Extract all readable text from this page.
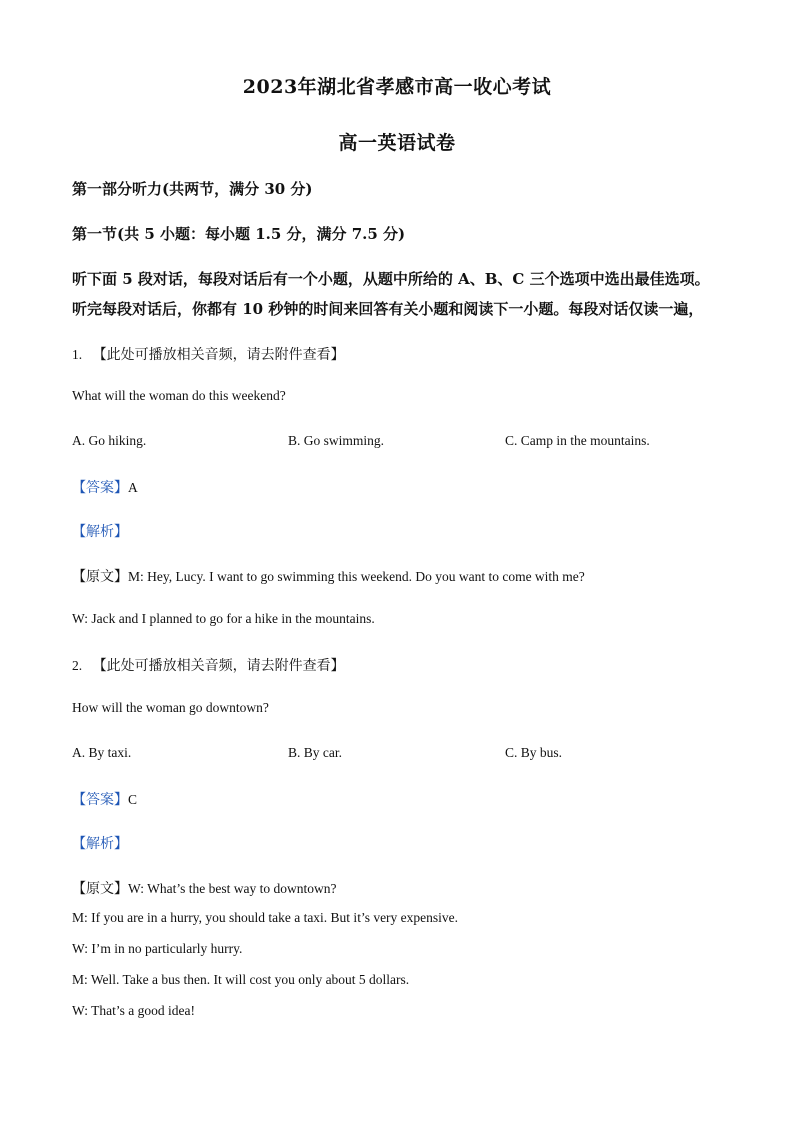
2023年湖北省孝感市高一收心考试
高一英语试卷
第一部分听力(共两节，满分 30 分)
第一节(共 5 小题：每小题 1.5 分，满分 7.5 分)
听下面 5 段对话，每段对话后有一个小题，从题中所给的 A、B、C 三个选项中选出最佳选项。
听完每段对话后，你都有 10 秒钟的时间来回答有关小题和阅读下一小题。每段对话仅读一遍，
1. 【此处可播放相关音频，请去附件查看】
What will the woman do this weekend?
A. Go hiking.	B. Go swimming.	C. Camp in the mountains.
【答案】A
【解析】
【原文】M: Hey, Lucy. I want to go swimming this weekend. Do you want to come with me?
W: Jack and I planned to go for a hike in the mountains.
2. 【此处可播放相关音频，请去附件查看】
How will the woman go downtown?
A. By taxi.	B. By car.	C. By bus.
【答案】C
【解析】
【原文】W: What’s the best way to downtown?
M: If you are in a hurry, you should take a taxi. But it’s very expensive.
W: I’m in no particularly hurry.
M: Well. Take a bus then. It will cost you only about 5 dollars.
W: That’s a good idea!
